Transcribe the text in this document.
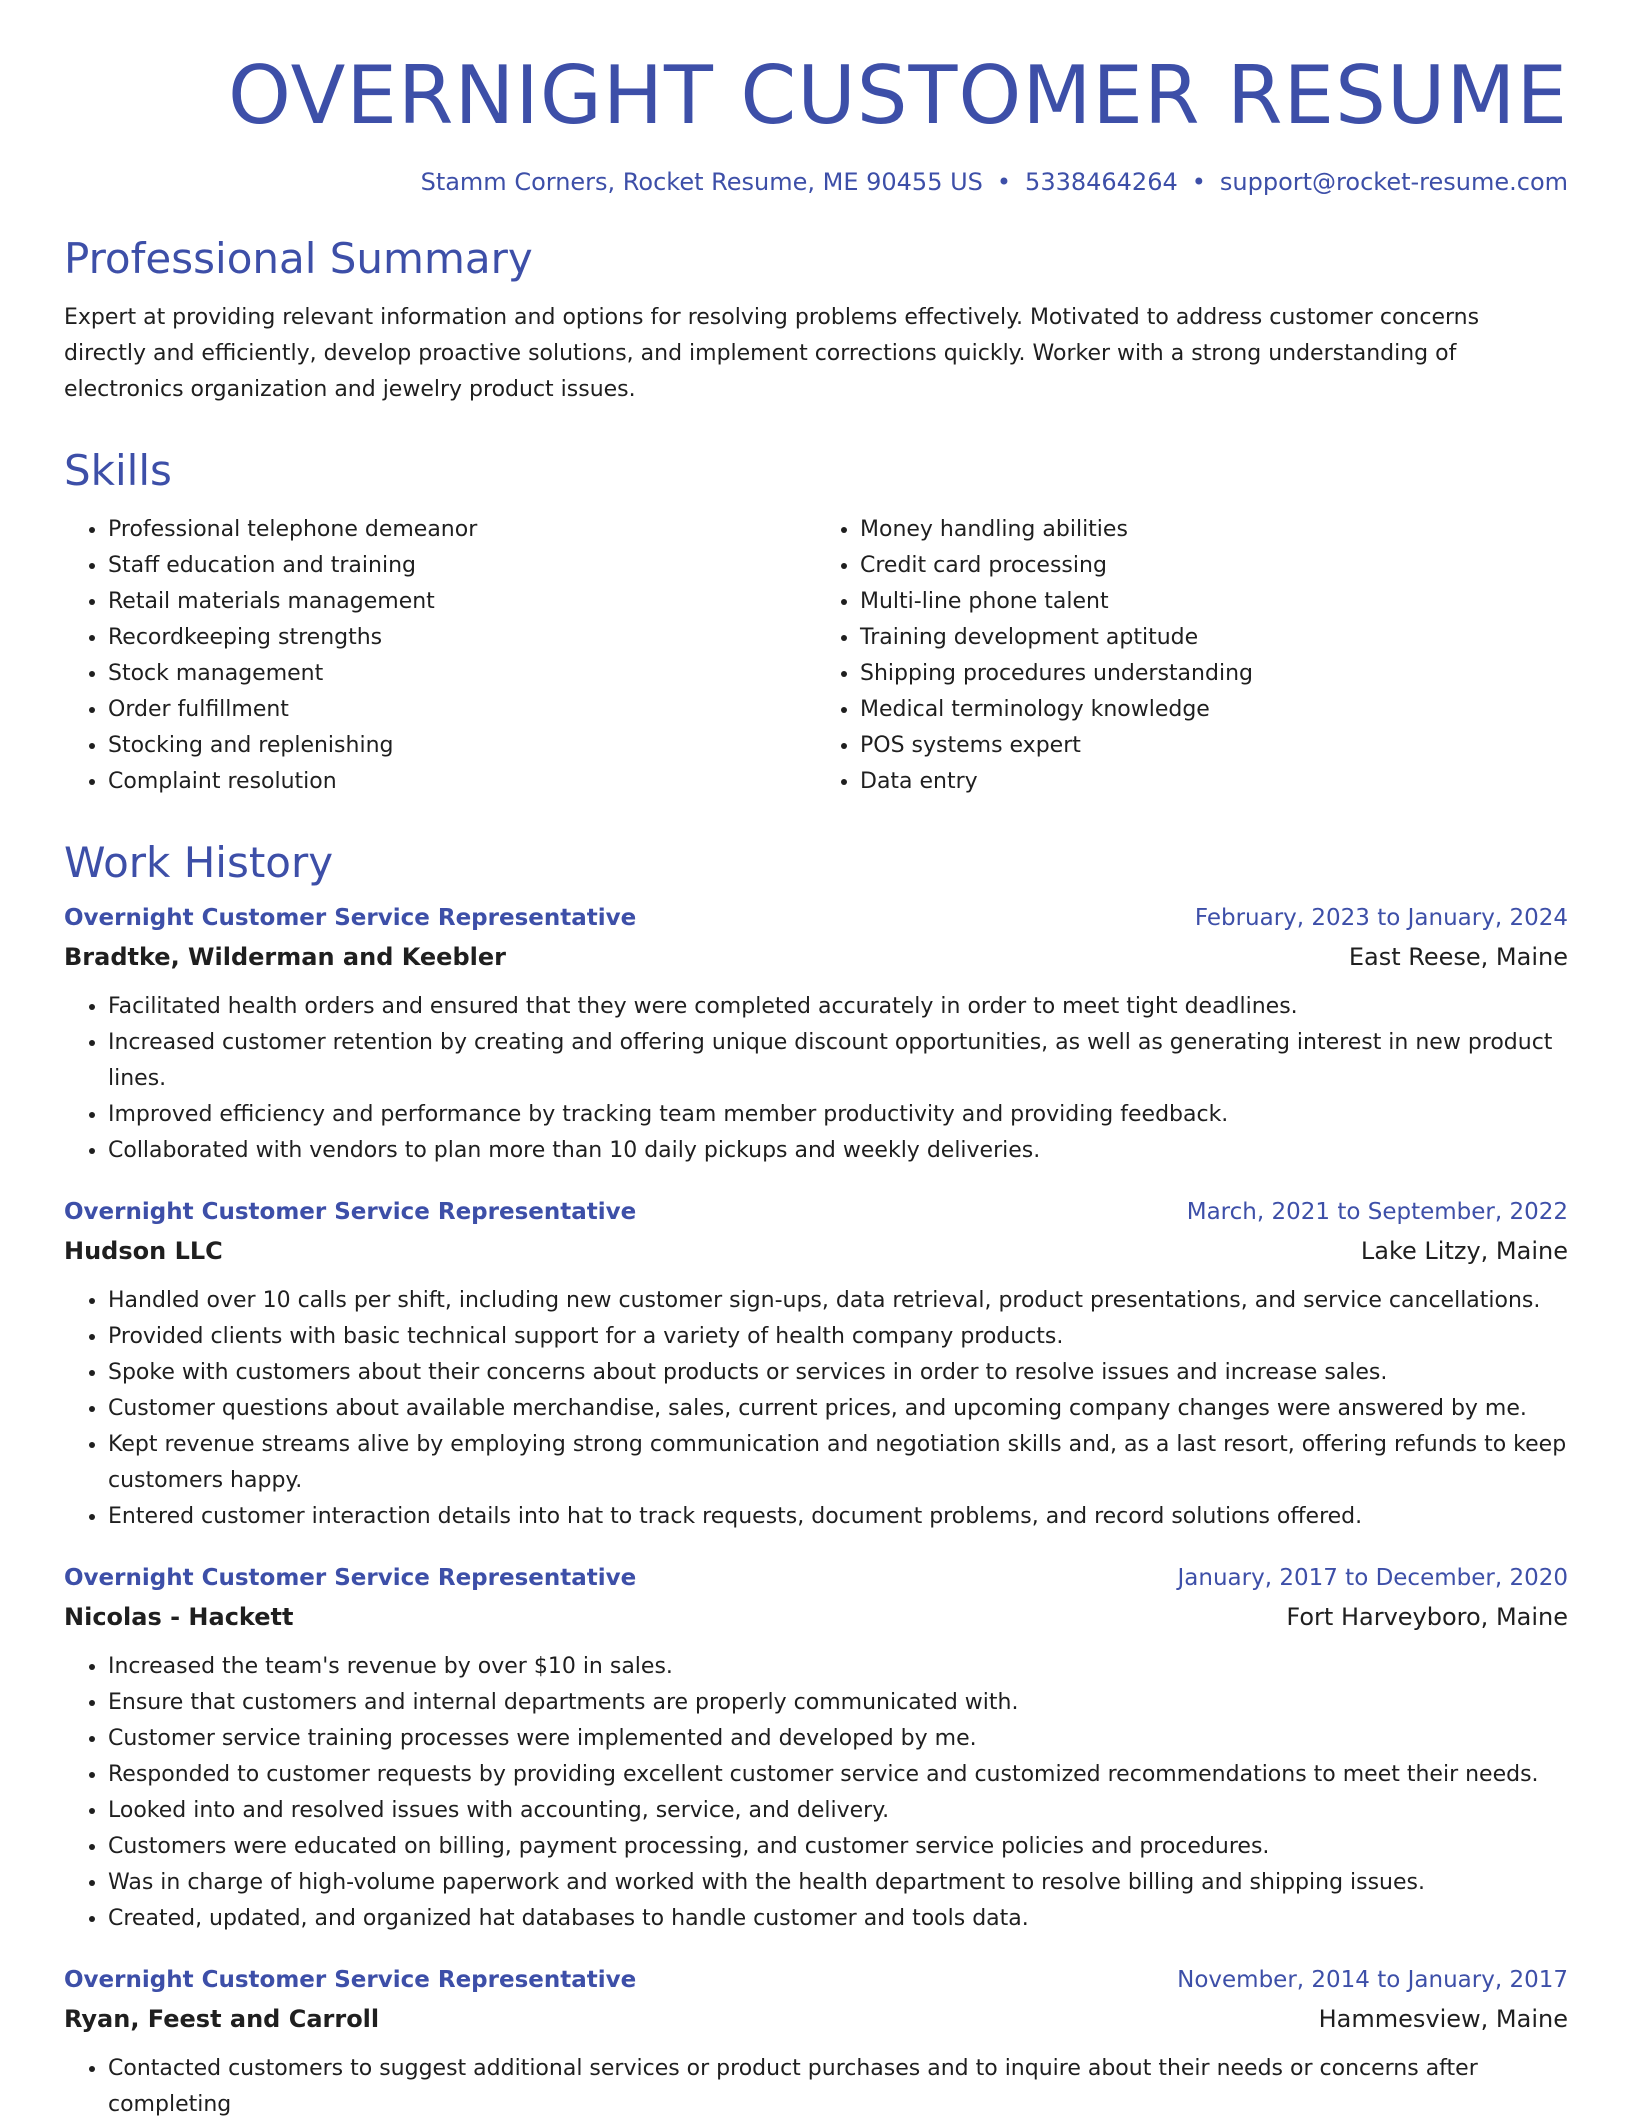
OVERNIGHT CUSTOMER RESUME
Stamm Corners, Rocket Resume, ME 90455 US • 5338464264 • support@rocket-resume.com
Professional Summary

Expert at providing relevant information and options for resolving problems effectively. Motivated to address customer concerns directly and efficiently, develop proactive solutions, and implement corrections quickly. Worker with a strong understanding of electronics organization and jewelry product issues.

Skills
• Professional telephone demeanor
• Staff education and training
• Retail materials management
• Recordkeeping strengths
• Stock management
• Order fulfillment
• Stocking and replenishing
• Complaint resolution
• Money handling abilities
• Credit card processing
• Multi-line phone talent
• Training development aptitude
• Shipping procedures understanding
• Medical terminology knowledge
• POS systems expert
• Data entry
Work History
Overnight Customer Service Representative	February, 2023 to January, 2024
Bradtke, Wilderman and Keebler	East Reese, Maine
• Facilitated health orders and ensured that they were completed accurately in order to meet tight deadlines.
• Increased customer retention by creating and offering unique discount opportunities, as well as generating interest in new product lines.
• Improved efficiency and performance by tracking team member productivity and providing feedback.
• Collaborated with vendors to plan more than 10 daily pickups and weekly deliveries.
Overnight Customer Service Representative	March, 2021 to September, 2022
Hudson LLC	Lake Litzy, Maine
• Handled over 10 calls per shift, including new customer sign-ups, data retrieval, product presentations, and service cancellations.
• Provided clients with basic technical support for a variety of health company products.
• Spoke with customers about their concerns about products or services in order to resolve issues and increase sales.
• Customer questions about available merchandise, sales, current prices, and upcoming company changes were answered by me.
• Kept revenue streams alive by employing strong communication and negotiation skills and, as a last resort, offering refunds to keep customers happy.
• Entered customer interaction details into hat to track requests, document problems, and record solutions offered.
Overnight Customer Service Representative	January, 2017 to December, 2020
Nicolas - Hackett	Fort Harveyboro, Maine
• Increased the team's revenue by over $10 in sales.
• Ensure that customers and internal departments are properly communicated with.
• Customer service training processes were implemented and developed by me.
• Responded to customer requests by providing excellent customer service and customized recommendations to meet their needs.
• Looked into and resolved issues with accounting, service, and delivery.
• Customers were educated on billing, payment processing, and customer service policies and procedures.
• Was in charge of high-volume paperwork and worked with the health department to resolve billing and shipping issues.
• Created, updated, and organized hat databases to handle customer and tools data.
Overnight Customer Service Representative	November, 2014 to January, 2017
Ryan, Feest and Carroll	Hammesview, Maine
• Contacted customers to suggest additional services or product purchases and to inquire about their needs or concerns after completing
